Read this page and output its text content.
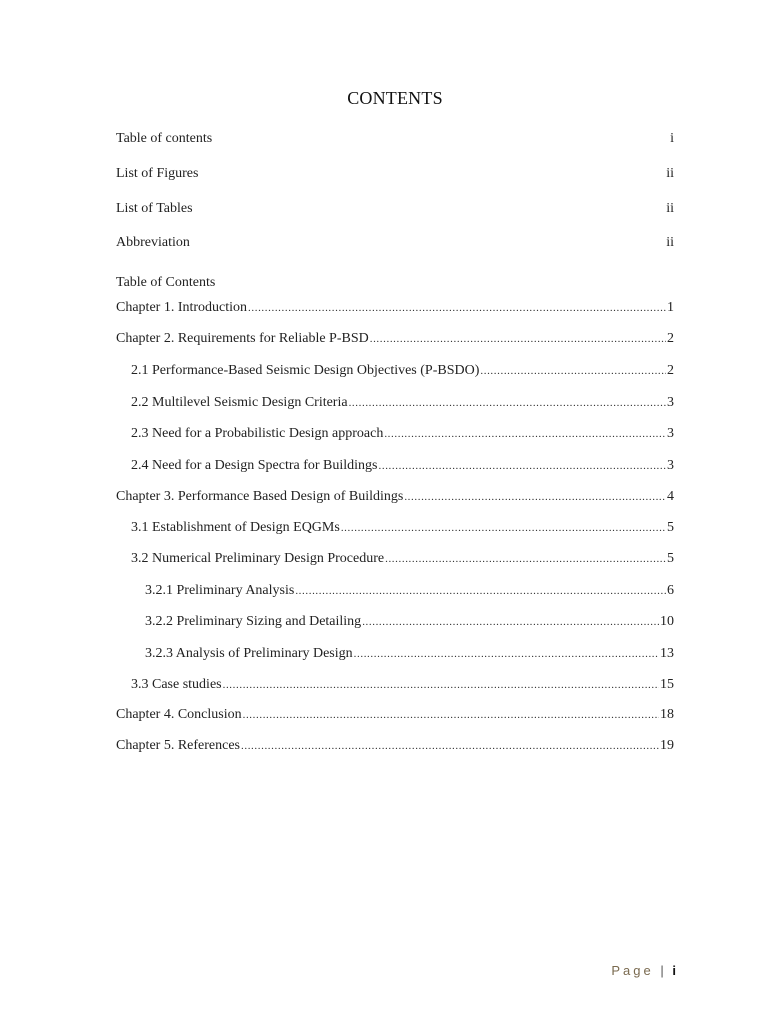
CONTENTS
Table of contents	i
List of Figures	ii
List of Tables	ii
Abbreviation	ii
Table of Contents
Chapter 1. Introduction .....	1
Chapter 2. Requirements for Reliable P-BSD .....	2
2.1 Performance-Based Seismic Design Objectives (P-BSDO) .....	2
2.2 Multilevel Seismic Design Criteria .....	3
2.3 Need for a Probabilistic Design approach .....	3
2.4 Need for a Design Spectra for Buildings .....	3
Chapter 3. Performance Based Design of Buildings .....	4
3.1 Establishment of Design EQGMs .....	5
3.2 Numerical Preliminary Design Procedure .....	5
3.2.1 Preliminary Analysis .....	6
3.2.2 Preliminary Sizing and Detailing .....	10
3.2.3 Analysis of Preliminary Design .....	13
3.3 Case studies .....	15
Chapter 4. Conclusion .....	18
Chapter 5. References .....	19
Page | i
